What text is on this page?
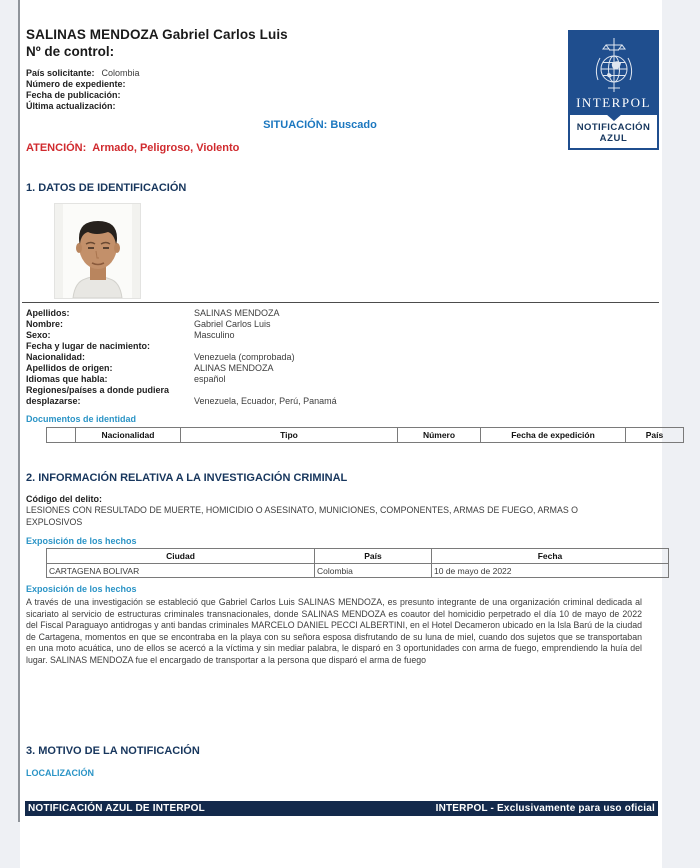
SALINAS MENDOZA Gabriel Carlos Luis
Nº de control:
País solicitante: Colombia
Número de expediente:
Fecha de publicación:
Última actualización:
SITUACIÓN: Buscado
ATENCIÓN: Armado, Peligroso, Violento
INTERPOL
NOTIFICACIÓN
AZUL
1. DATOS DE IDENTIFICACIÓN
Apellidos:	SALINAS MENDOZA
Nombre:	Gabriel Carlos Luis
Sexo:	Masculino
Fecha y lugar de nacimiento:
Nacionalidad:	Venezuela (comprobada)
Apellidos de origen:	ALINAS MENDOZA
Idiomas que habla:	español
Regiones/países a donde pudiera desplazarse:	Venezuela, Ecuador, Perú, Panamá
Documentos de identidad
	Nacionalidad	Tipo	Número	Fecha de expedición	País
2. INFORMACIÓN RELATIVA A LA INVESTIGACIÓN CRIMINAL
Código del delito:
LESIONES CON RESULTADO DE MUERTE, HOMICIDIO O ASESINATO, MUNICIONES, COMPONENTES, ARMAS DE FUEGO, ARMAS O EXPLOSIVOS
Exposición de los hechos
Ciudad	País	Fecha
CARTAGENA BOLIVAR	Colombia	10 de mayo de 2022
Exposición de los hechos
A través de una investigación se estableció que Gabriel Carlos Luis SALINAS MENDOZA, es presunto integrante de una organización criminal dedicada al sicariato al servicio de estructuras criminales transnacionales, donde SALINAS MENDOZA es coautor del homicidio perpetrado el día 10 de mayo de 2022 del Fiscal Paraguayo antidrogas y anti bandas criminales MARCELO DANIEL PECCI ALBERTINI, en el Hotel Decameron ubicado en la Isla Barú de la ciudad de Cartagena, momentos en que se encontraba en la playa con su señora esposa disfrutando de su luna de miel, cuando dos sujetos que se transportaban en una moto acuática, uno de ellos se acercó a la víctima y sin mediar palabra, le disparó en 3 oportunidades con arma de fuego, emprendiendo la huía del lugar. SALINAS MENDOZA fue el encargado de transportar a la persona que disparó el arma de fuego
3. MOTIVO DE LA NOTIFICACIÓN
LOCALIZACIÓN
NOTIFICACIÓN AZUL DE INTERPOL	INTERPOL - Exclusivamente para uso oficial
